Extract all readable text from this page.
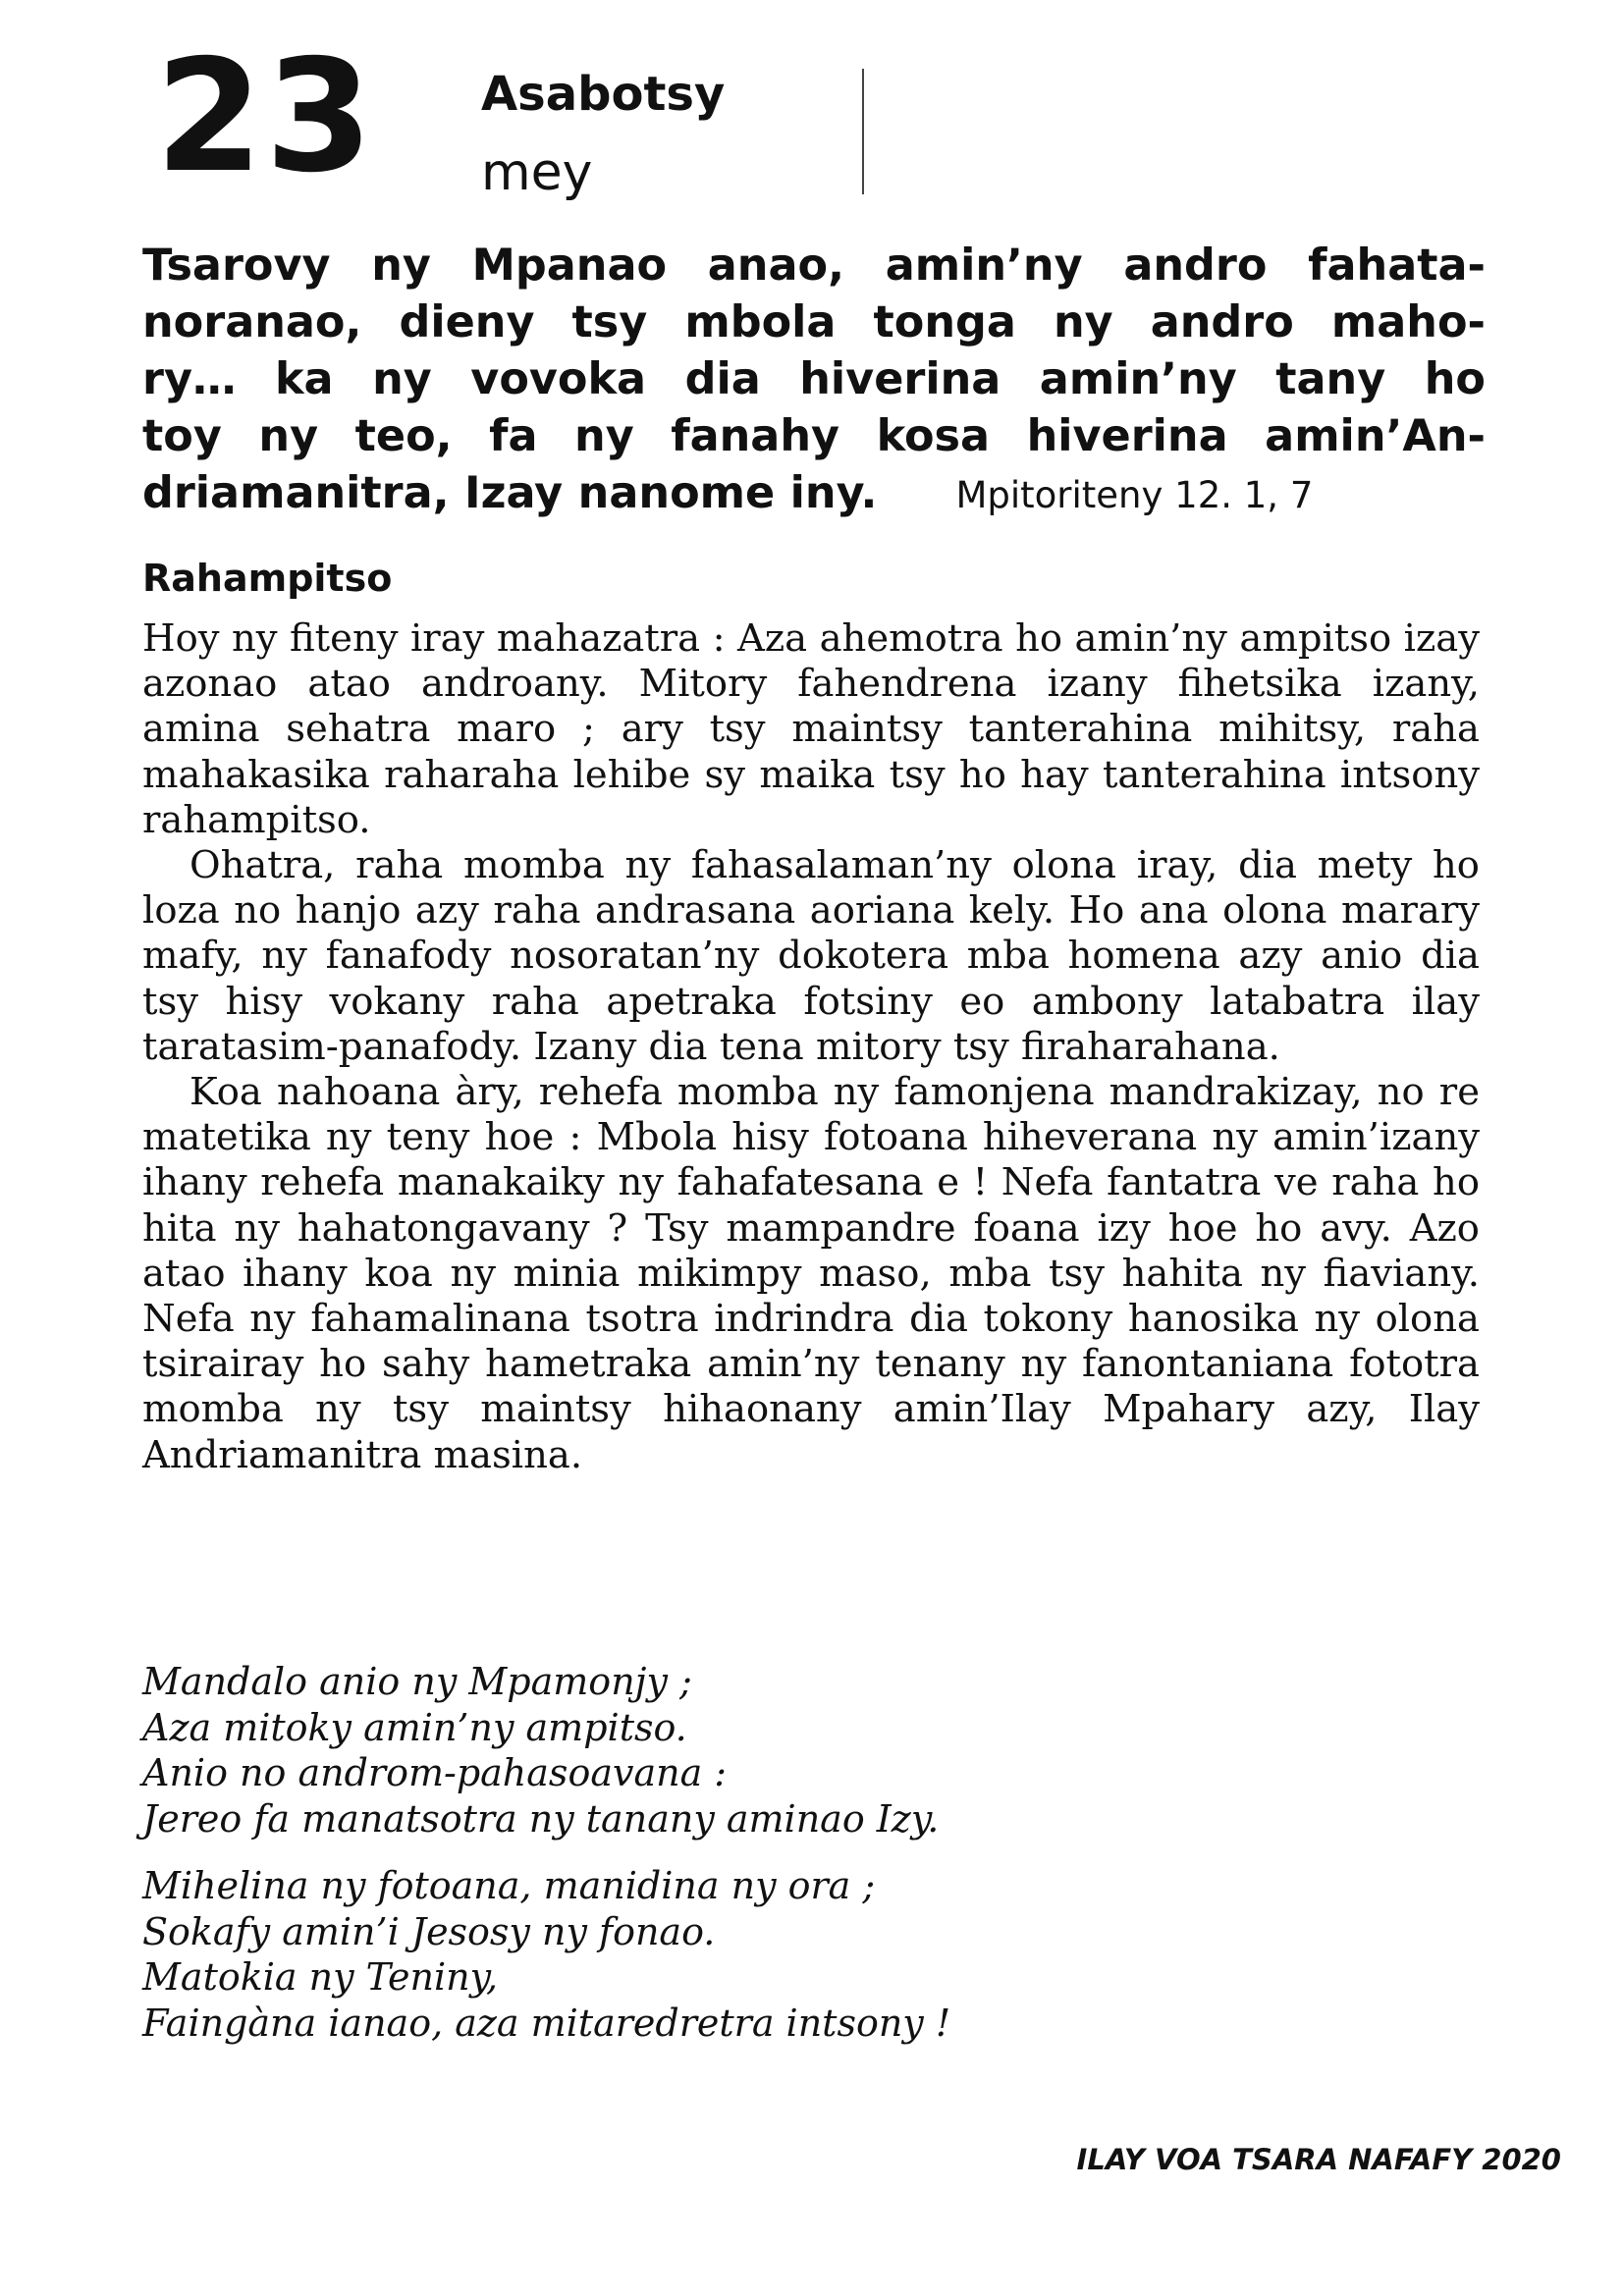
23 Asabotsy
mey
Tsarovy ny Mpanao anao, amin’ny andro fahata-
noranao, dieny tsy mbola tonga ny andro maho-
ry… ka ny vovoka dia hiverina amin’ny tany ho
toy ny teo, fa ny fanahy kosa hiverina amin’An-
driamanitra, Izay nanome iny. Mpitoriteny 12. 1, 7
Rahampitso

Hoy ny fiteny iray mahazatra : Aza ahemotra ho amin’ny ampitso izay azonao atao androany. Mitory fahendrena izany fihetsika izany, amina sehatra maro ; ary tsy maintsy tanterahina mihitsy, raha mahakasika raharaha lehibe sy maika tsy ho hay tanterahina intsony rahampitso.

Ohatra, raha momba ny fahasalaman’ny olona iray, dia mety ho loza no hanjo azy raha andrasana aoriana kely. Ho ana olona marary mafy, ny fanafody nosoratan’ny dokotera mba homena azy anio dia tsy hisy vokany raha apetraka fotsiny eo ambony latabatra ilay taratasim-panafody. Izany dia tena mitory tsy firaharahana.

Koa nahoana àry, rehefa momba ny famonjena mandrakizay, no re matetika ny teny hoe : Mbola hisy fotoana hiheverana ny amin’izany ihany rehefa manakaiky ny fahafatesana e ! Nefa fantatra ve raha ho hita ny hahatongavany ? Tsy mampandre foana izy hoe ho avy. Azo atao ihany koa ny minia mikimpy maso, mba tsy hahita ny fiaviany. Nefa ny fahamalinana tsotra indrindra dia tokony hanosika ny olona tsirairay ho sahy hametraka amin’ny tenany ny fanontaniana fototra momba ny tsy maintsy hihaonany amin’Ilay Mpahary azy, Ilay Andriamanitra masina.

Mandalo anio ny Mpamonjy ;
Aza mitoky amin’ny ampitso.
Anio no androm-pahasoavana :
Jereo fa manatsotra ny tanany aminao Izy.
Mihelina ny fotoana, manidina ny ora ;
Sokafy amin’i Jesosy ny fonao.
Matokia ny Teniny,
Faingàna ianao, aza mitaredretra intsony !
ILAY VOA TSARA NAFAFY 2020
